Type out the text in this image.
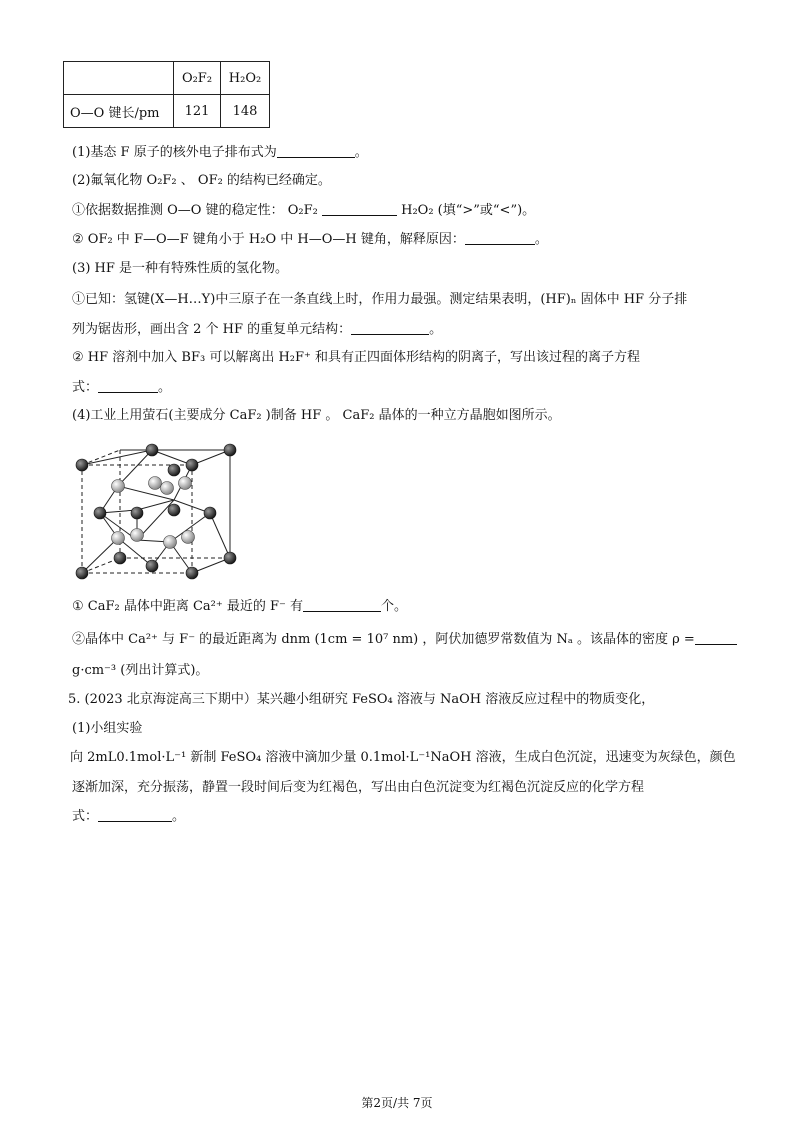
	O₂F₂	H₂O₂
O—O 键长/pm	121	148
(1)基态 F 原子的核外电子排布式为	。
(2)氟氧化物 O₂F₂ 、 OF₂ 的结构已经确定。
①依据数据推测 O—O 键的稳定性： O₂F₂	H₂O₂ (填“>”或“<”)。
② OF₂ 中 F—O—F 键角小于 H₂O 中 H—O—H 键角，解释原因：	。
(3) HF 是一种有特殊性质的氢化物。
①已知：氢键(X—H…Y)中三原子在一条直线上时，作用力最强。测定结果表明，(HF)ₙ 固体中 HF 分子排
列为锯齿形，画出含 2 个 HF 的重复单元结构：	。
② HF 溶剂中加入 BF₃ 可以解离出 H₂F⁺ 和具有正四面体形结构的阴离子，写出该过程的离子方程
式：	。
(4)工业上用萤石(主要成分 CaF₂ )制备 HF 。 CaF₂ 晶体的一种立方晶胞如图所示。
① CaF₂ 晶体中距离 Ca²⁺ 最近的 F⁻ 有	个。
②晶体中 Ca²⁺ 与 F⁻ 的最近距离为 dnm (1cm = 10⁷ nm) ，阿伏加德罗常数值为 Nₐ 。该晶体的密度 ρ =
g·cm⁻³ (列出计算式)。
5. (2023 北京海淀高三下期中）某兴趣小组研究 FeSO₄ 溶液与 NaOH 溶液反应过程中的物质变化，
(1)小组实验
向 2mL0.1mol·L⁻¹ 新制 FeSO₄ 溶液中滴加少量 0.1mol·L⁻¹NaOH 溶液，生成白色沉淀，迅速变为灰绿色，颜色
逐渐加深，充分振荡，静置一段时间后变为红褐色，写出由白色沉淀变为红褐色沉淀反应的化学方程
式：	。
第2页/共 7页
